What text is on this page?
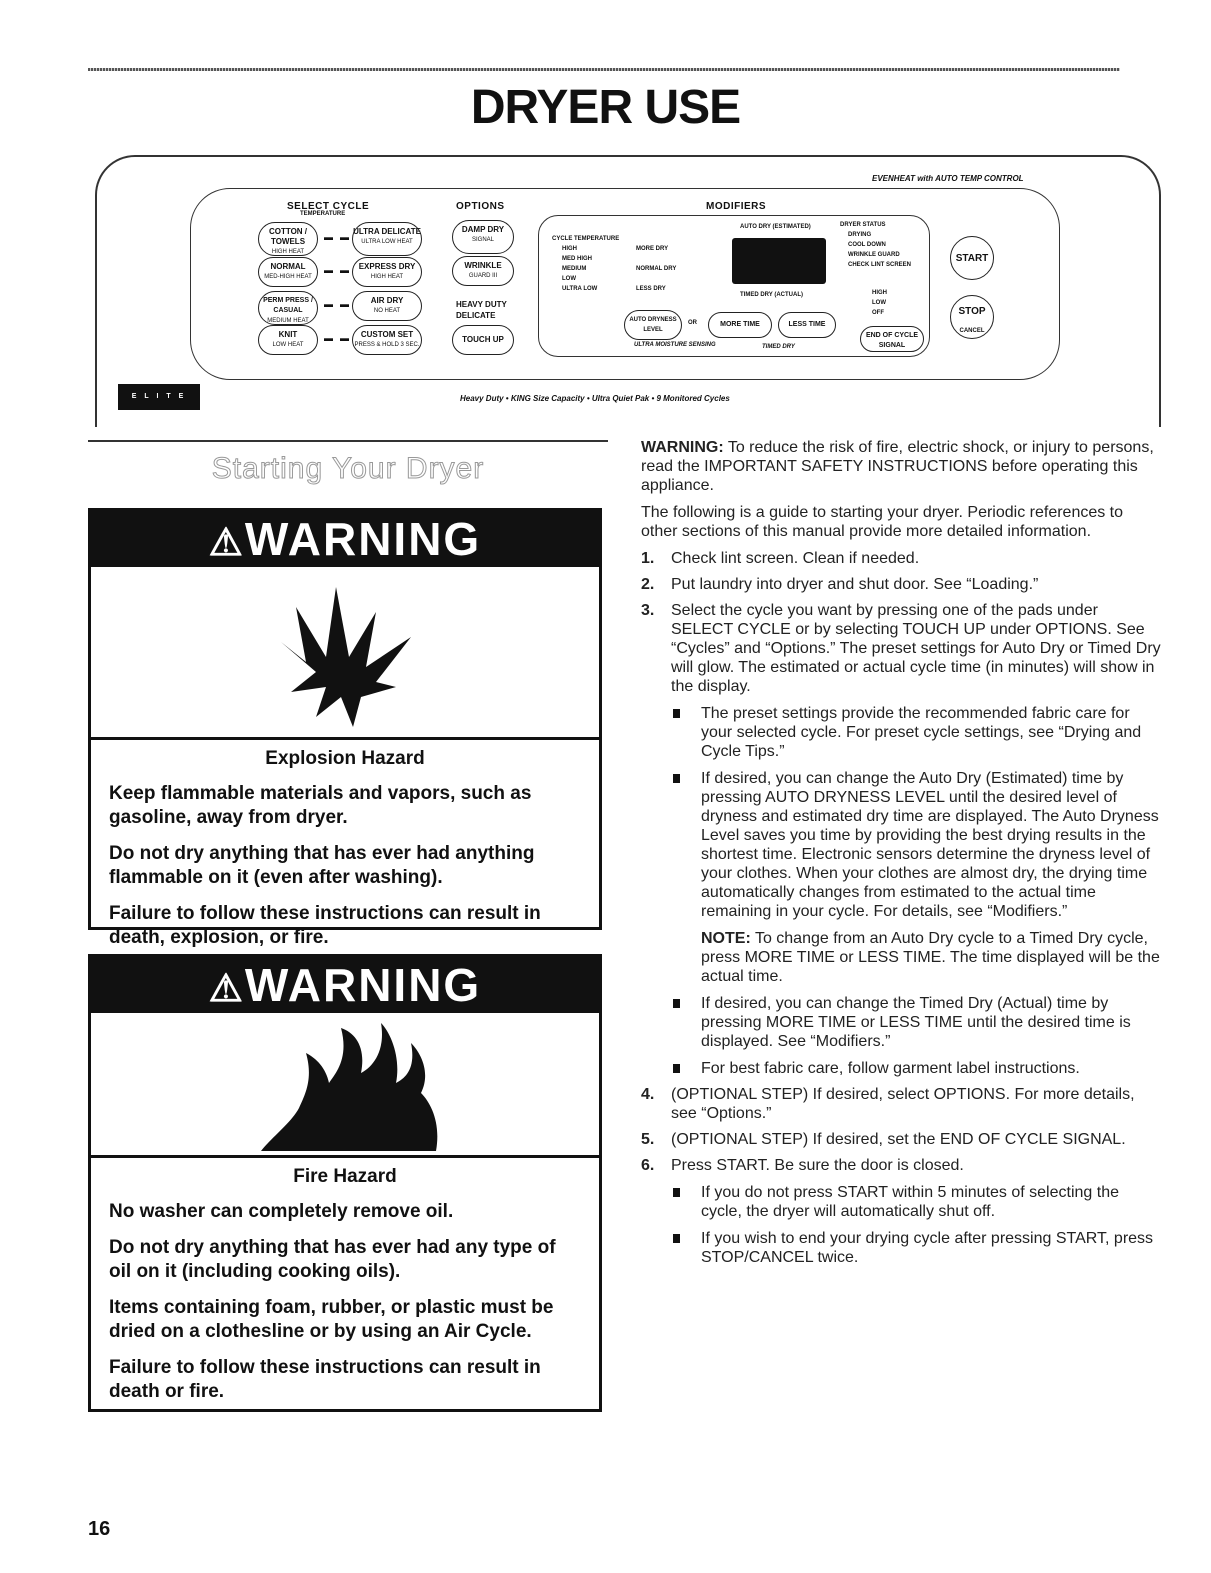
DRYER USE
EVENHEAT with AUTO TEMP CONTROL
SELECT CYCLE
TEMPERATURE
OPTIONS	MODIFIERS
COTTON / TOWELS
HIGH HEAT
▬ ▬
ULTRA DELICATE
ULTRA LOW HEAT
NORMAL
MED-HIGH HEAT
▬ ▬	EXPRESS DRY
HIGH HEAT
PERM PRESS / CASUAL
MEDIUM HEAT
▬ ▬	AIR DRY
NO HEAT
KNIT
LOW HEAT
▬ ▬	CUSTOM SET
PRESS & HOLD 3 SEC.
DAMP DRY
SIGNAL
WRINKLE
GUARD III
HEAVY DUTY
DELICATE
TOUCH UP
CYCLE TEMPERATURE
HIGH
MED HIGH
MEDIUM
LOW
ULTRA LOW
MORE DRY
NORMAL DRY
LESS DRY
AUTO DRY (ESTIMATED)
TIMED DRY (ACTUAL)
DRYER STATUS
DRYING
COOL DOWN
WRINKLE GUARD
CHECK LINT SCREEN
HIGH
LOW
OFF
AUTO DRYNESS LEVEL
OR	MORE TIME	LESS TIME
ULTRA MOISTURE SENSING	TIMED DRY
END OF CYCLE SIGNAL
START
STOP
CANCEL
E L I T E	Heavy Duty • KING Size Capacity • Ultra Quiet Pak • 9 Monitored Cycles
Starting Your Dryer
⚠WARNING
Explosion Hazard
Keep flammable materials and vapors, such as gasoline, away from dryer.
Do not dry anything that has ever had anything flammable on it (even after washing).
Failure to follow these instructions can result in death, explosion, or fire.
⚠WARNING
Fire Hazard
No washer can completely remove oil.
Do not dry anything that has ever had any type of oil on it (including cooking oils).
Items containing foam, rubber, or plastic must be dried on a clothesline or by using an Air Cycle.
Failure to follow these instructions can result in death or fire.

WARNING: To reduce the risk of fire, electric shock, or injury to persons, read the IMPORTANT SAFETY INSTRUCTIONS before operating this appliance.

The following is a guide to starting your dryer. Periodic references to other sections of this manual provide more detailed information.

1. Check lint screen. Clean if needed.
2. Put laundry into dryer and shut door. See “Loading.”
3. Select the cycle you want by pressing one of the pads under SELECT CYCLE or by selecting TOUCH UP under OPTIONS. See “Cycles” and “Options.” The preset settings for Auto Dry or Timed Dry will glow. The estimated or actual cycle time (in minutes) will show in the display.
The preset settings provide the recommended fabric care for your selected cycle. For preset cycle settings, see “Drying and Cycle Tips.”
If desired, you can change the Auto Dry (Estimated) time by pressing AUTO DRYNESS LEVEL until the desired level of dryness and estimated dry time are displayed. The Auto Dryness Level saves you time by providing the best drying results in the shortest time. Electronic sensors determine the dryness level of your clothes. When your clothes are almost dry, the drying time automatically changes from estimated to the actual time remaining in your cycle. For details, see “Modifiers.”
NOTE: To change from an Auto Dry cycle to a Timed Dry cycle, press MORE TIME or LESS TIME. The time displayed will be the actual time.
If desired, you can change the Timed Dry (Actual) time by pressing MORE TIME or LESS TIME until the desired time is displayed. See “Modifiers.”
For best fabric care, follow garment label instructions.
4. (OPTIONAL STEP) If desired, select OPTIONS. For more details, see “Options.”
5. (OPTIONAL STEP) If desired, set the END OF CYCLE SIGNAL.
6. Press START. Be sure the door is closed.
If you do not press START within 5 minutes of selecting the cycle, the dryer will automatically shut off.
If you wish to end your drying cycle after pressing START, press STOP/CANCEL twice.
16
